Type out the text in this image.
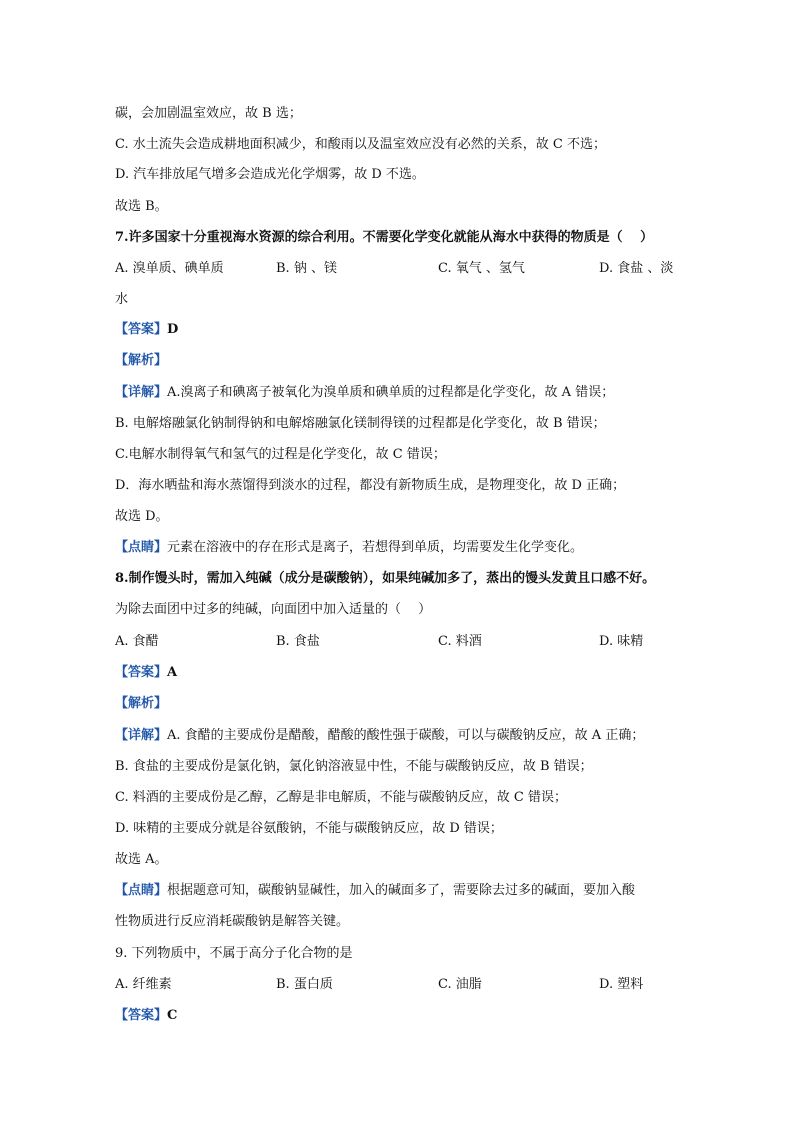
碳，会加剧温室效应，故 B 选；
C. 水土流失会造成耕地面积减少，和酸雨以及温室效应没有必然的关系，故 C 不选；
D. 汽车排放尾气增多会造成光化学烟雾，故 D 不选。
故选 B。
7.许多国家十分重视海水资源的综合利用。不需要化学变化就能从海水中获得的物质是（　 ）
A. 溴单质、碘单质	B. 钠 、镁	C. 氧气 、氢气	D. 食盐 、淡
水
【答案】D
【解析】
【详解】A.溴离子和碘离子被氧化为溴单质和碘单质的过程都是化学变化，故 A 错误；
B. 电解熔融氯化钠制得钠和电解熔融氯化镁制得镁的过程都是化学变化，故 B 错误；
C.电解水制得氧气和氢气的过程是化学变化，故 C 错误；
D．海水晒盐和海水蒸馏得到淡水的过程，都没有新物质生成，是物理变化，故 D 正确；
故选 D。
【点睛】元素在溶液中的存在形式是离子，若想得到单质，均需要发生化学变化。
8.制作馒头时，需加入纯碱（成分是碳酸钠），如果纯碱加多了，蒸出的馒头发黄且口感不好。
为除去面团中过多的纯碱，向面团中加入适量的（　 ）
A. 食醋	B. 食盐	C. 料酒	D. 味精
【答案】A
【解析】
【详解】A. 食醋的主要成份是醋酸，醋酸的酸性强于碳酸，可以与碳酸钠反应，故 A 正确；
B. 食盐的主要成份是氯化钠，氯化钠溶液显中性，不能与碳酸钠反应，故 B 错误；
C. 料酒的主要成份是乙醇，乙醇是非电解质，不能与碳酸钠反应，故 C 错误；
D. 味精的主要成分就是谷氨酸钠，不能与碳酸钠反应，故 D 错误；
故选 A。
【点睛】根据题意可知，碳酸钠显碱性，加入的碱面多了，需要除去过多的碱面，要加入酸
性物质进行反应消耗碳酸钠是解答关键。
9. 下列物质中，不属于高分子化合物的是
A. 纤维素	B. 蛋白质	C. 油脂	D. 塑料
【答案】C
